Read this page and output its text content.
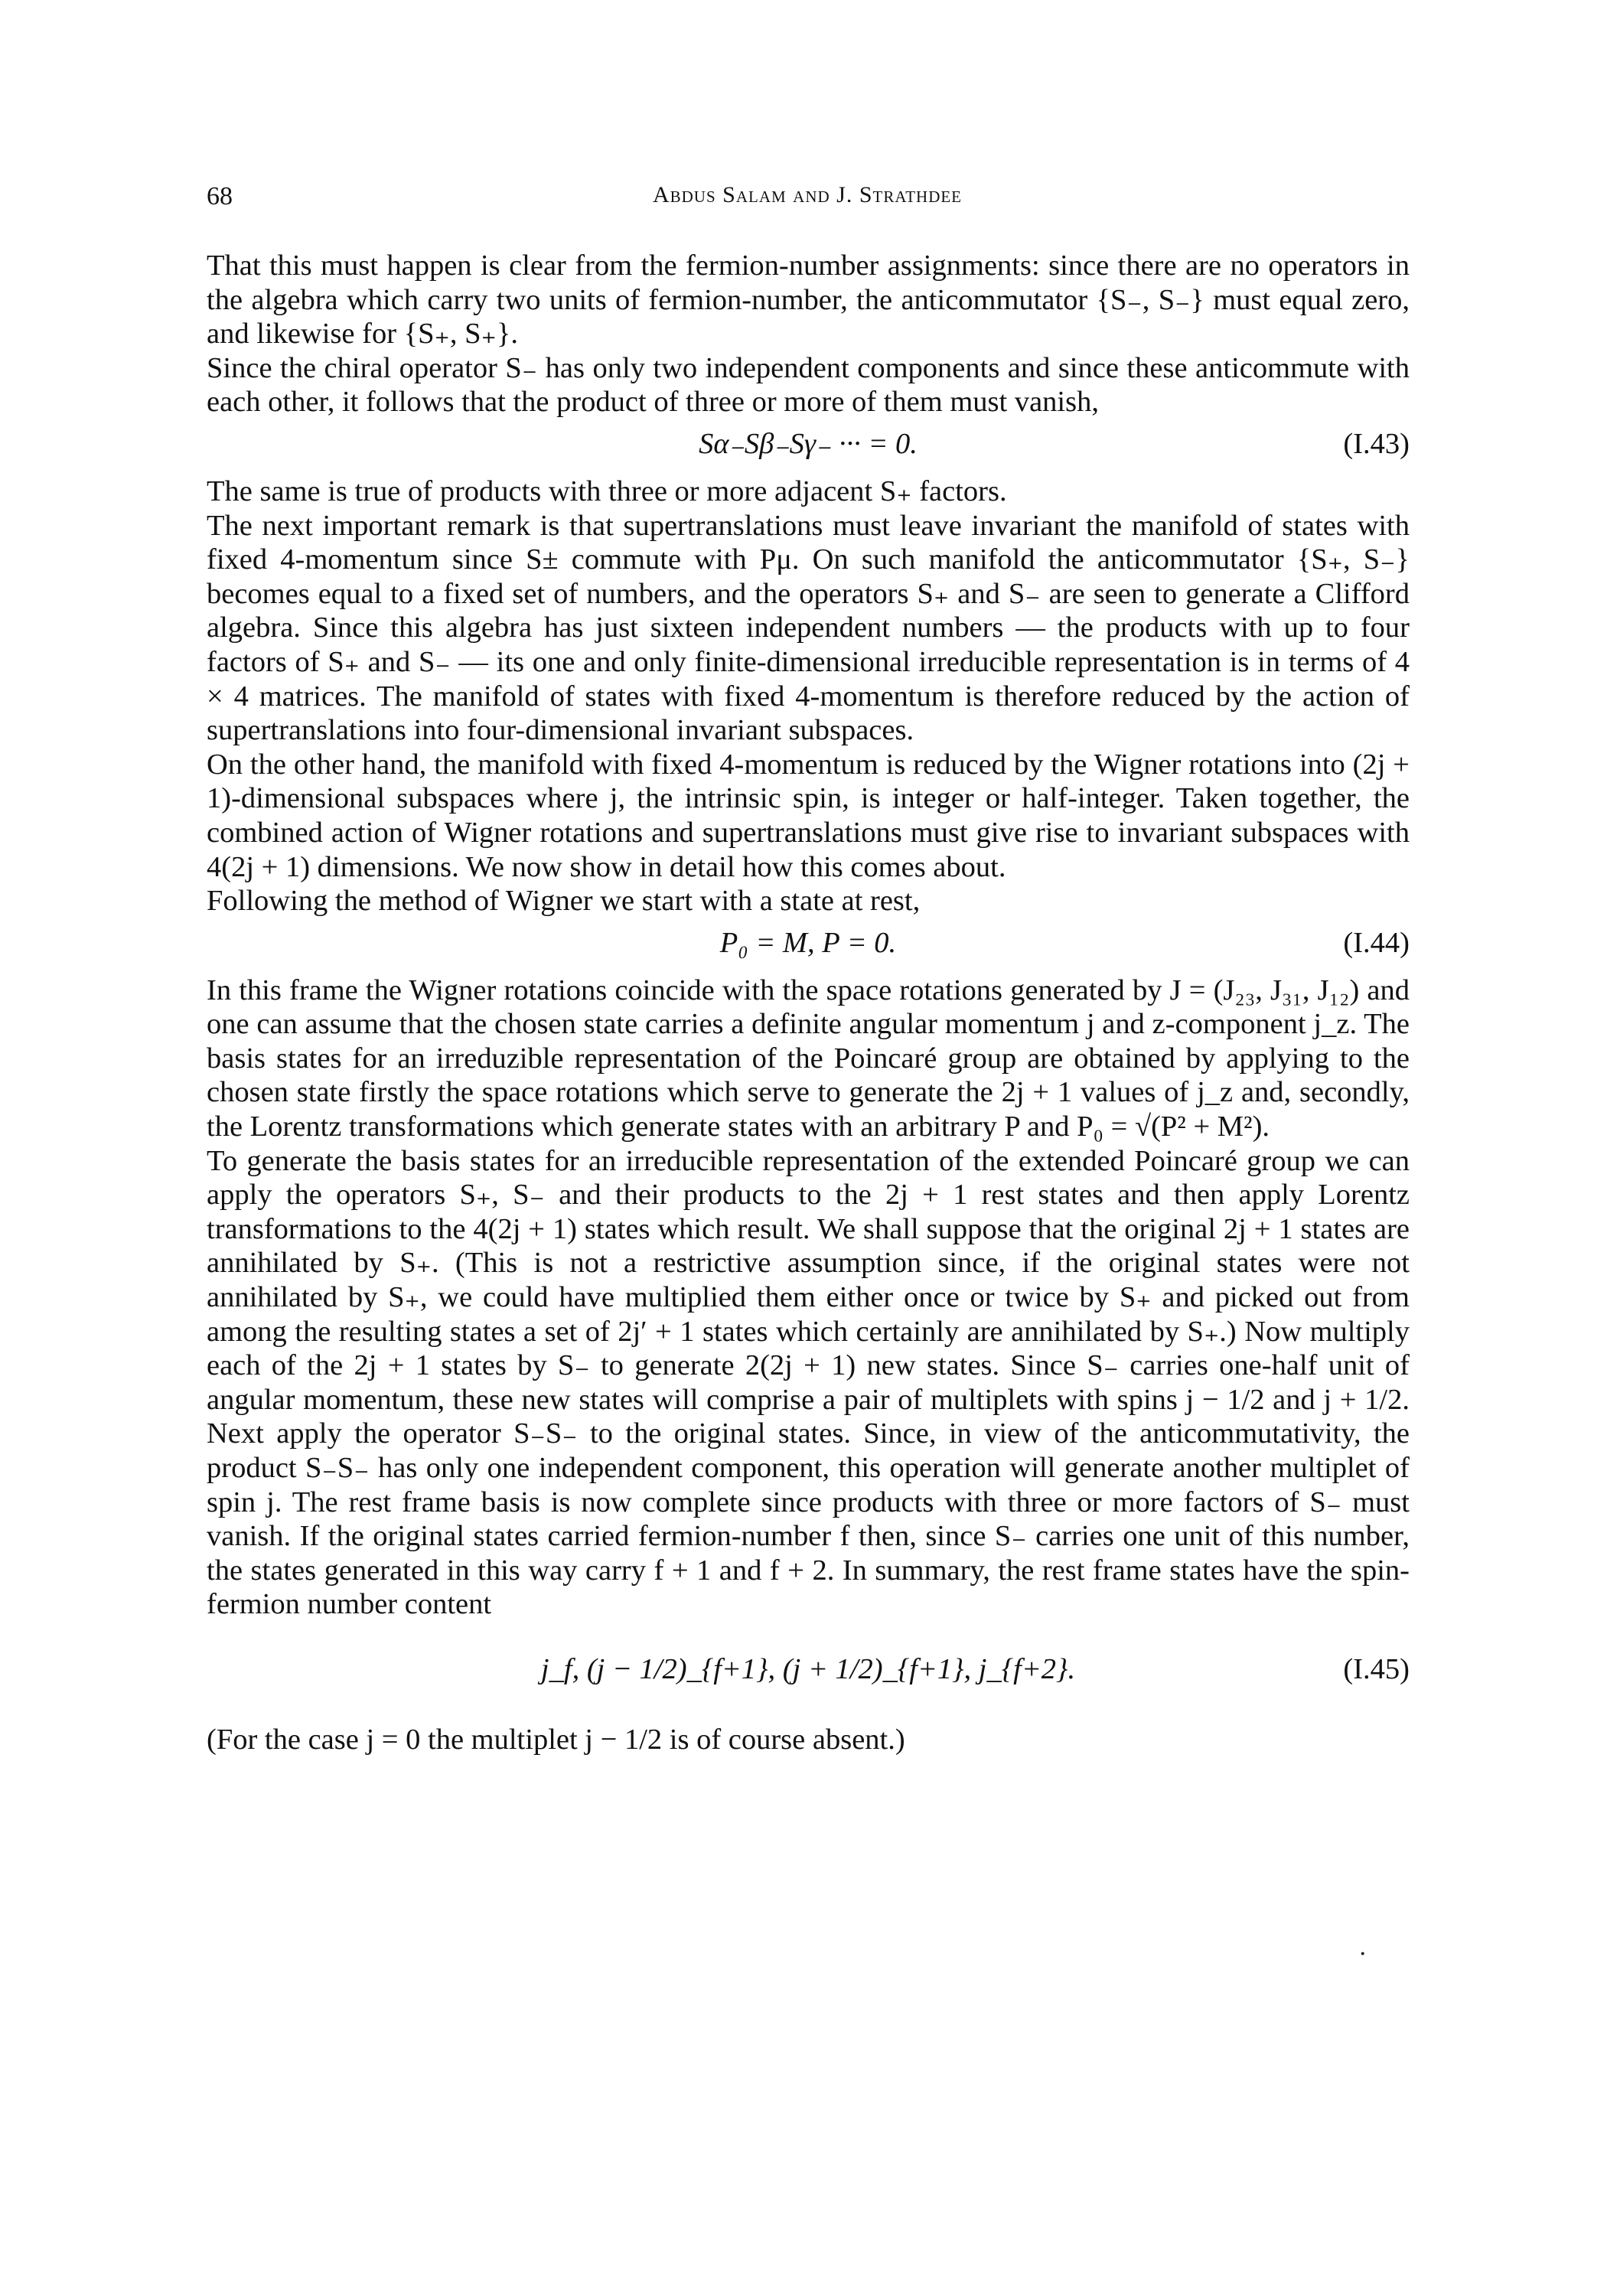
68	Abdus Salam and J. Strathdee

That this must happen is clear from the fermion-number assignments: since there are no operators in the algebra which carry two units of fermion-number, the anticommutator {S₋, S₋} must equal zero, and likewise for {S₊, S₊}.

Since the chiral operator S₋ has only two independent components and since these anticommute with each other, it follows that the product of three or more of them must vanish,

Sα₋Sβ₋Sγ₋ ··· = 0.	(I.43)

The same is true of products with three or more adjacent S₊ factors.

The next important remark is that supertranslations must leave invariant the manifold of states with fixed 4-momentum since S± commute with Pμ. On such manifold the anticommutator {S₊, S₋} becomes equal to a fixed set of numbers, and the operators S₊ and S₋ are seen to generate a Clifford algebra. Since this algebra has just sixteen independent numbers — the products with up to four factors of S₊ and S₋ — its one and only finite-dimensional irreducible representation is in terms of 4 × 4 matrices. The manifold of states with fixed 4-momentum is therefore reduced by the action of supertranslations into four-dimensional invariant subspaces.

On the other hand, the manifold with fixed 4-momentum is reduced by the Wigner rotations into (2j + 1)-dimensional subspaces where j, the intrinsic spin, is integer or half-integer. Taken together, the combined action of Wigner rotations and supertranslations must give rise to invariant subspaces with 4(2j + 1) dimensions. We now show in detail how this comes about.

Following the method of Wigner we start with a state at rest,

P₀ = M, P = 0.	(I.44)

In this frame the Wigner rotations coincide with the space rotations generated by J = (J₂₃, J₃₁, J₁₂) and one can assume that the chosen state carries a definite angular momentum j and z-component j_z. The basis states for an irreduzible representation of the Poincaré group are obtained by applying to the chosen state firstly the space rotations which serve to generate the 2j + 1 values of j_z and, secondly, the Lorentz transformations which generate states with an arbitrary P and P₀ = √(P² + M²).

To generate the basis states for an irreducible representation of the extended Poincaré group we can apply the operators S₊, S₋ and their products to the 2j + 1 rest states and then apply Lorentz transformations to the 4(2j + 1) states which result. We shall suppose that the original 2j + 1 states are annihilated by S₊. (This is not a restrictive assumption since, if the original states were not annihilated by S₊, we could have multiplied them either once or twice by S₊ and picked out from among the resulting states a set of 2j′ + 1 states which certainly are annihilated by S₊.) Now multiply each of the 2j + 1 states by S₋ to generate 2(2j + 1) new states. Since S₋ carries one-half unit of angular momentum, these new states will comprise a pair of multiplets with spins j − 1/2 and j + 1/2. Next apply the operator S₋S₋ to the original states. Since, in view of the anticommutativity, the product S₋S₋ has only one independent component, this operation will generate another multiplet of spin j. The rest frame basis is now complete since products with three or more factors of S₋ must vanish. If the original states carried fermion-number f then, since S₋ carries one unit of this number, the states generated in this way carry f + 1 and f + 2. In summary, the rest frame states have the spin-fermion number content

j_f, (j − 1/2)_{f+1}, (j + 1/2)_{f+1}, j_{f+2}.	(I.45)

(For the case j = 0 the multiplet j − 1/2 is of course absent.)

·
